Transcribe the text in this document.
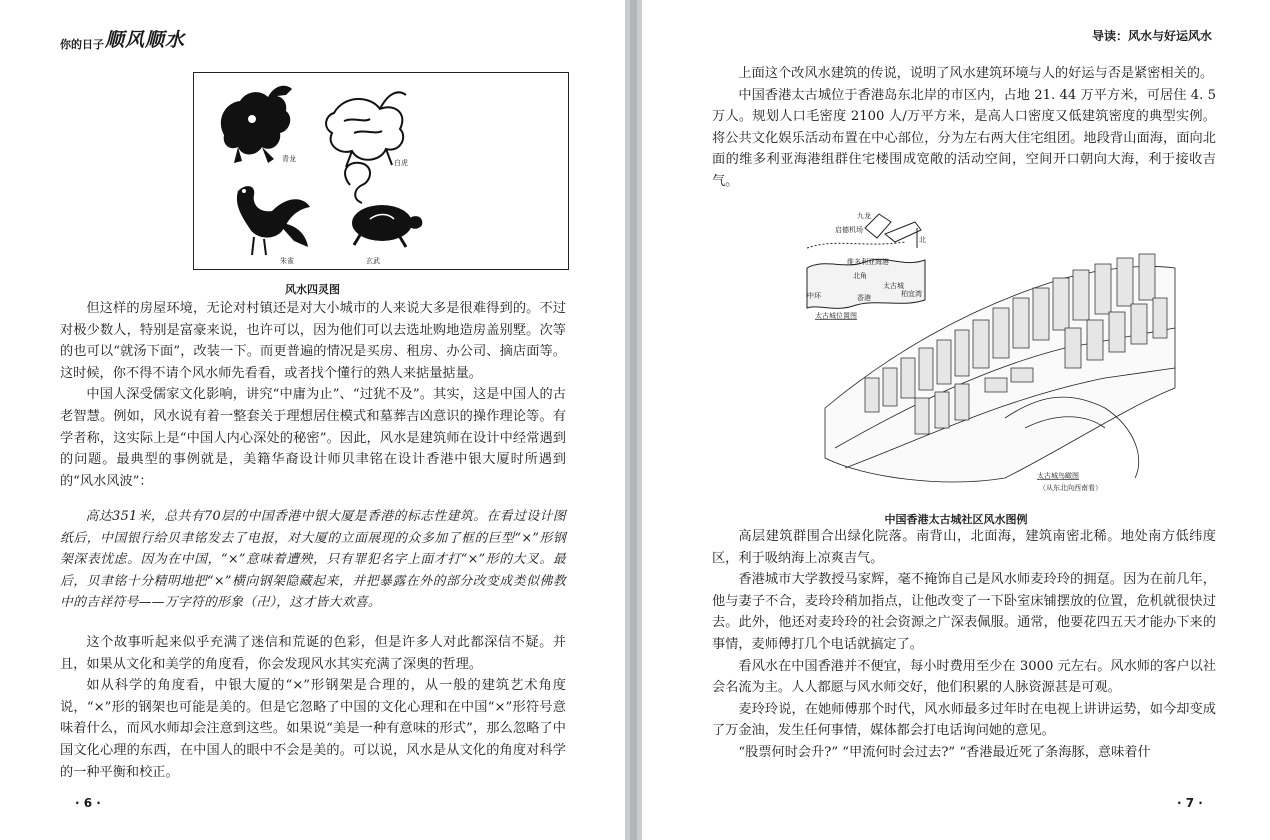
你的日子 顺风顺水
青龙	白虎
朱雀	玄武
风水四灵图

但这样的房屋环境，无论对村镇还是对大小城市的人来说大多是很难得到的。不过对极少数人，特别是富豪来说，也许可以，因为他们可以去选址购地造房盖别墅。次等的也可以“就汤下面”，改装一下。而更普遍的情况是买房、租房、办公司、摘店面等。这时候，你不得不请个风水师先看看，或者找个懂行的熟人来掂量掂量。

中国人深受儒家文化影响，讲究“中庸为止”、“过犹不及”。其实，这是中国人的古老智慧。例如，风水说有着一整套关于理想居住模式和墓葬吉凶意识的操作理论等。有学者称，这实际上是“中国人内心深处的秘密”。因此，风水是建筑师在设计中经常遇到的问题。最典型的事例就是，美籍华裔设计师贝聿铭在设计香港中银大厦时所遇到的“风水风波”：

高达351米，总共有70层的中国香港中银大厦是香港的标志性建筑。在看过设计图纸后，中国银行给贝聿铭发去了电报，对大厦的立面展现的众多加了框的巨型“×”形钢架深表忧虑。因为在中国，“×”意味着遭殃，只有罪犯名字上面才打“×”形的大叉。最后，贝聿铭十分精明地把“×”横向钢架隐藏起来，并把暴露在外的部分改变成类似佛教中的吉祥符号——万字符的形象（卍），这才皆大欢喜。

这个故事听起来似乎充满了迷信和荒诞的色彩，但是许多人对此都深信不疑。并且，如果从文化和美学的角度看，你会发现风水其实充满了深奥的哲理。

如从科学的角度看，中银大厦的“×”形钢架是合理的，从一般的建筑艺术角度说，“×”形的钢架也可能是美的。但是它忽略了中国的文化心理和在中国“×”形符号意味着什么，而风水师却会注意到这些。如果说“美是一种有意味的形式”，那么忽略了中国文化心理的东西，在中国人的眼中不会是美的。可以说，风水是从文化的角度对科学的一种平衡和校正。

· 6 ·
导读：风水与好运风水

上面这个改风水建筑的传说，说明了风水建筑环境与人的好运与否是紧密相关的。

中国香港太古城位于香港岛东北岸的市区内，占地 21. 44 万平方米，可居住 4. 5 万人。规划人口毛密度 2100 人/万平方米，是高人口密度又低建筑密度的典型实例。将公共文化娱乐活动布置在中心部位，分为左右两大住宅组团。地段背山面海，面向北面的维多利亚海港组群住宅楼围成宽敞的活动空间，空间开口朝向大海，利于接收吉气。

九龙
启德机场
北
维多利亚海港
北角
太古城
中环	香港	柏宜湾
太古城位置图
太古城鸟瞰图
（从东北向西南看）
中国香港太古城社区风水图例

高层建筑群围合出绿化院落。南背山，北面海，建筑南密北稀。地处南方低纬度区，利于吸纳海上凉爽吉气。

香港城市大学教授马家辉，毫不掩饰自己是风水师麦玲玲的拥趸。因为在前几年，他与妻子不合，麦玲玲稍加指点，让他改变了一下卧室床铺摆放的位置，危机就很快过去。此外，他还对麦玲玲的社会资源之广深表佩服。通常，他要花四五天才能办下来的事情，麦师傅打几个电话就搞定了。

看风水在中国香港并不便宜，每小时费用至少在 3000 元左右。风水师的客户以社会名流为主。人人都愿与风水师交好，他们积累的人脉资源甚是可观。

麦玲玲说，在她师傅那个时代，风水师最多过年时在电视上讲讲运势，如今却变成了万金油，发生任何事情，媒体都会打电话询问她的意见。

“股票何时会升?” “甲流何时会过去?” “香港最近死了条海豚，意味着什

· 7 ·
